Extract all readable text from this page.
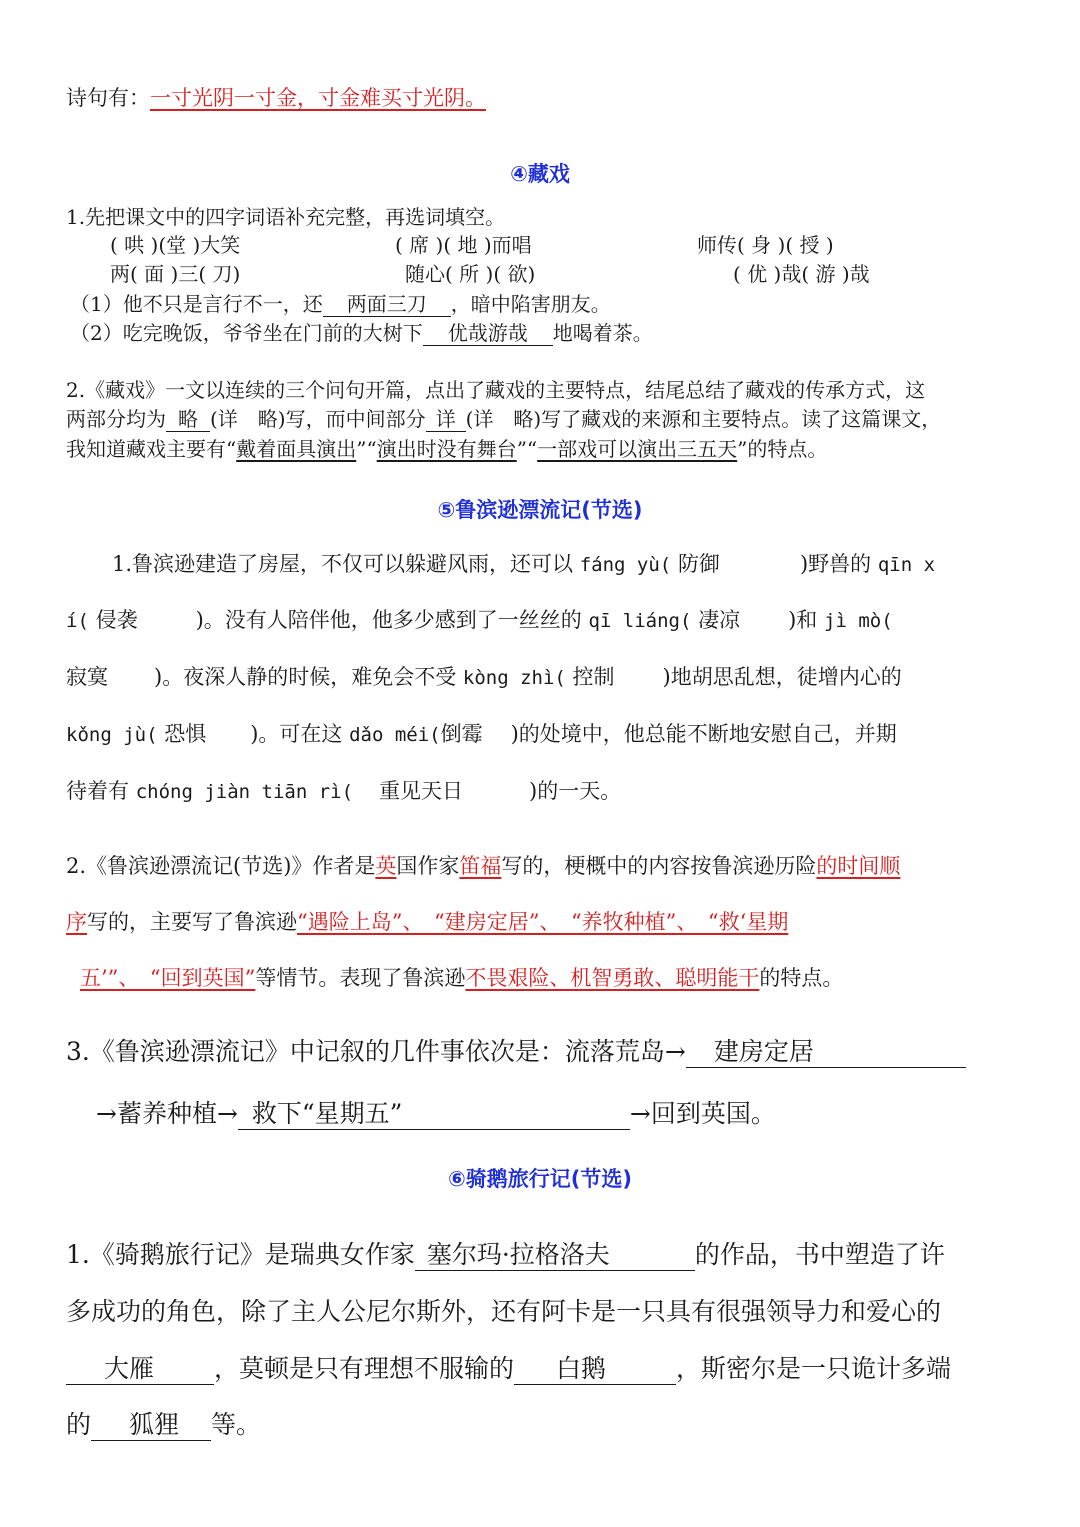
诗句有：一寸光阴一寸金，寸金难买寸光阴。
④藏戏
1.先把课文中的四字词语补充完整，再选词填空。
( 哄 )(堂 )大笑	( 席 )( 地 )而唱	师传( 身 )( 授 )
两( 面 )三( 刀)	随心( 所 )( 欲)	( 优 )哉( 游 )哉
（1）他不只是言行不一，还 两面三刀 ，暗中陷害朋友。
（2）吃完晚饭，爷爷坐在门前的大树下 优哉游哉 地喝着茶。
2.《藏戏》一文以连续的三个问句开篇，点出了藏戏的主要特点，结尾总结了藏戏的传承方式，这
两部分均为 略 (详　略)写，而中间部分 详 (详　略)写了藏戏的来源和主要特点。读了这篇课文，
我知道藏戏主要有“戴着面具演出”“演出时没有舞台”“一部戏可以演出三五天”的特点。
⑤鲁滨逊漂流记(节选)
1.鲁滨逊建造了房屋，不仅可以躲避风雨，还可以 fáng yù( 防御	)野兽的 qīn x
í( 侵袭	)。没有人陪伴他，他多少感到了一丝丝的 qī liáng( 凄凉 )和 jì mò(
寂寞 )。夜深人静的时候，难免会不受 kòng zhì( 控制 )地胡思乱想，徒增内心的
kǒng jù( 恐惧 )。可在这 dǎo méi(倒霉 )的处境中，他总能不断地安慰自己，并期
待着有 chóng jiàn tiān rì( 重见天日	)的一天。
2.《鲁滨逊漂流记(节选)》作者是英国作家笛福写的，梗概中的内容按鲁滨逊历险的时间顺
序写的，主要写了鲁滨逊“遇险上岛”、　“建房定居”、　“养牧种植”、　“救‘星期
五’”、　“回到英国”等情节。表现了鲁滨逊不畏艰险、机智勇敢、聪明能干的特点。
3.《鲁滨逊漂流记》中记叙的几件事依次是：流落荒岛→ 建房定居
→蓄养种植→ 救下“星期五”	→回到英国。
⑥骑鹅旅行记(节选)
1.《骑鹅旅行记》是瑞典女作家 塞尔玛·拉格洛夫	的作品，书中塑造了许
多成功的角色，除了主人公尼尔斯外，还有阿卡是一只具有很强领导力和爱心的
大雁 ，莫顿是只有理想不服输的 白鹅	，斯密尔是一只诡计多端
的 狐狸 等。
